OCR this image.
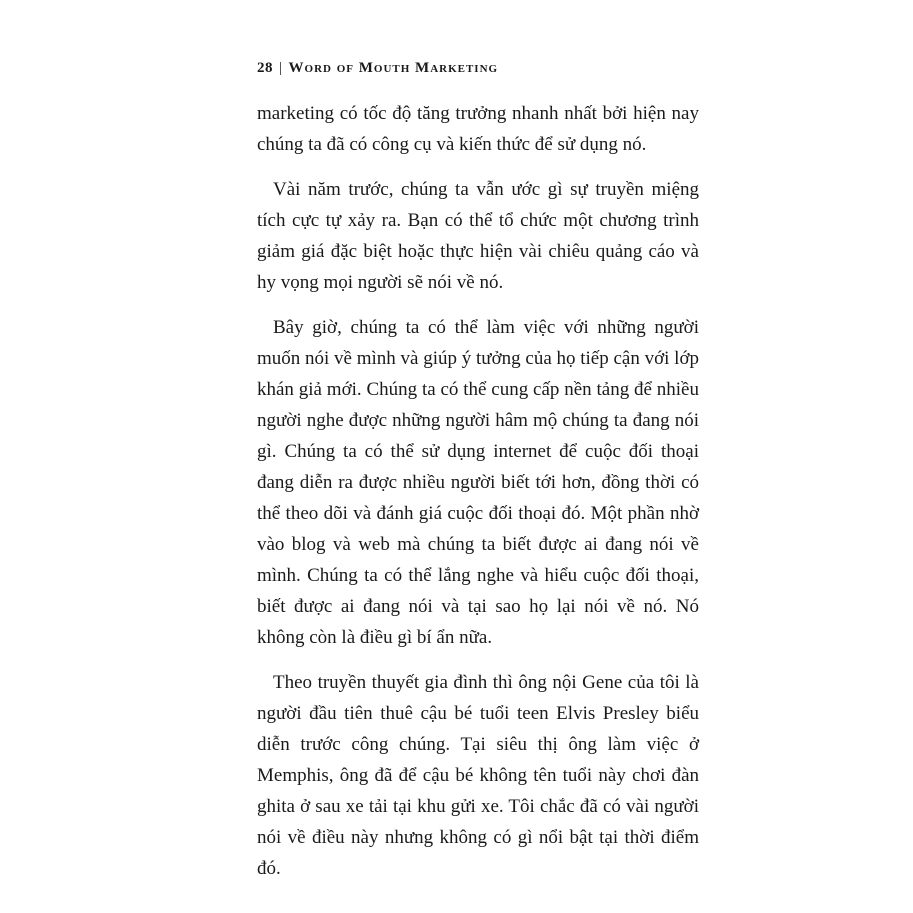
28 | Word of Mouth Marketing

marketing có tốc độ tăng trưởng nhanh nhất bởi hiện nay chúng ta đã có công cụ và kiến thức để sử dụng nó.

Vài năm trước, chúng ta vẫn ước gì sự truyền miệng tích cực tự xảy ra. Bạn có thể tổ chức một chương trình giảm giá đặc biệt hoặc thực hiện vài chiêu quảng cáo và hy vọng mọi người sẽ nói về nó.

Bây giờ, chúng ta có thể làm việc với những người muốn nói về mình và giúp ý tưởng của họ tiếp cận với lớp khán giả mới. Chúng ta có thể cung cấp nền tảng để nhiều người nghe được những người hâm mộ chúng ta đang nói gì. Chúng ta có thể sử dụng internet để cuộc đối thoại đang diễn ra được nhiều người biết tới hơn, đồng thời có thể theo dõi và đánh giá cuộc đối thoại đó. Một phần nhờ vào blog và web mà chúng ta biết được ai đang nói về mình. Chúng ta có thể lắng nghe và hiểu cuộc đối thoại, biết được ai đang nói và tại sao họ lại nói về nó. Nó không còn là điều gì bí ẩn nữa.

Theo truyền thuyết gia đình thì ông nội Gene của tôi là người đầu tiên thuê cậu bé tuổi teen Elvis Presley biểu diễn trước công chúng. Tại siêu thị ông làm việc ở Memphis, ông đã để cậu bé không tên tuổi này chơi đàn ghita ở sau xe tải tại khu gửi xe. Tôi chắc đã có vài người nói về điều này nhưng không có gì nổi bật tại thời điểm đó.
